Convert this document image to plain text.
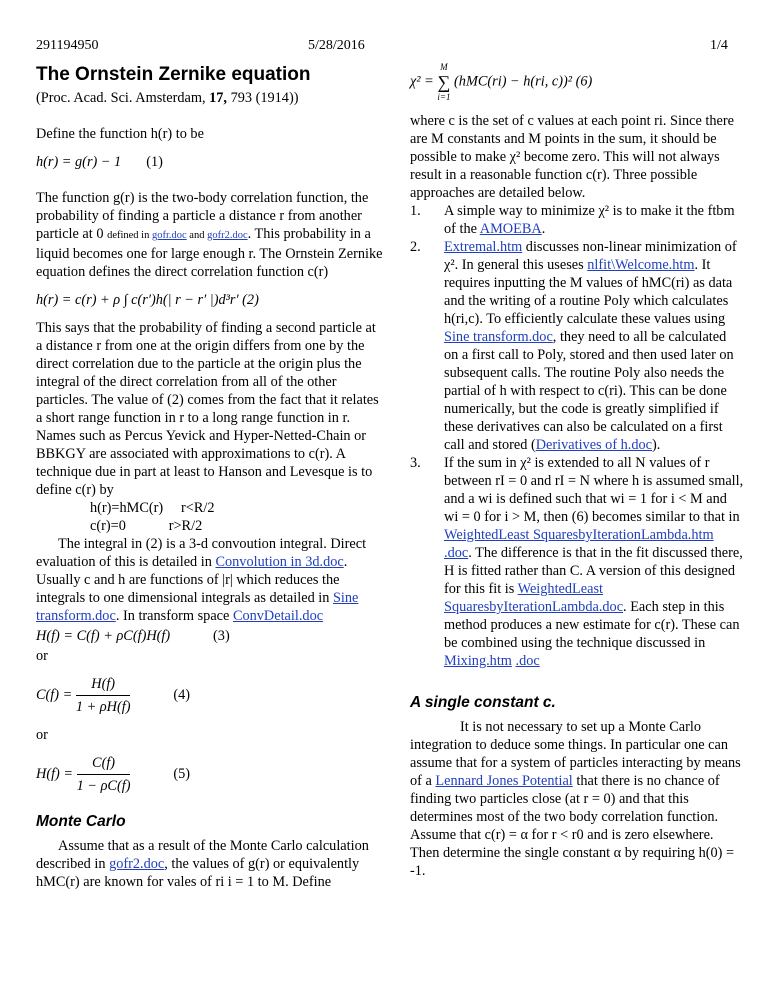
291194950	5/28/2016	1/4

The Ornstein Zernike equation

(Proc. Acad. Sci. Amsterdam, 17, 793 (1914))

Define the function h(r) to be

h(r) = g(r) − 1 (1)

The function g(r) is the two-body correlation function, the probability of finding a particle a distance r from another particle at 0 defined in gofr.doc and gofr2.doc. This probability in a liquid becomes one for large enough r. The Ornstein Zernike equation defines the direct correlation function c(r)

h(r) = c(r) + ρ ∫ c(r′)h(| r − r′ |)d³r′ (2)

This says that the probability of finding a second particle at a distance r from one at the origin differs from one by the direct correlation due to the particle at the origin plus the integral of the direct correlation from all of the other particles. The value of (2) comes from the fact that it relates a short range function in r to a long range function in r. Names such as Percus Yevick and Hyper-Netted-Chain or BBKGY are associated with approximations to c(r). A technique due in part at least to Hanson and Levesque is to define c(r) by

h(r)=hMC(r)     r<R/2

c(r)=0            r>R/2

The integral in (2) is a 3-d convoution integral. Direct evaluation of this is detailed in Convolution in 3d.doc. Usually c and h are functions of |r| which reduces the integrals to one dimensional integrals as detailed in Sine transform.doc. In transform space ConvDetail.doc

H(f) = C(f) + ρC(f)H(f)	(3)

or

$C(f) = \frac{H(f)}{1 + \rho H(f)}$	(4)

or

$H(f) = \frac{C(f)}{1 - \rho C(f)}$	(5)

Monte Carlo

Assume that as a result of the Monte Carlo calculation described in gofr2.doc, the values of g(r) or equivalently hMC(r) are known for vales of ri i = 1 to M. Define

χ² =
M
∑
i=1
(hMC(ri) − h(ri, c))² (6)

where c is the set of c values at each point ri. Since there are M constants and M points in the sum, it should be possible to make χ² become zero. This will not always result in a reasonable function c(r). Three possible approaches are detailed below.

1. A simple way to minimize χ² is to make it the ftbm of the AMOEBA.
2. Extremal.htm discusses non-linear minimization of χ². In general this useses nlfit\Welcome.htm. It requires inputting the M values of hMC(ri) as data and the writing of a routine Poly which calculates h(ri,c). To efficiently calculate these values using Sine transform.doc, they need to all be calculated on a first call to Poly, stored and then used later on subsequent calls. The routine Poly also needs the partial of h with respect to c(ri). This can be done numerically, but the code is greatly simplified if these derivatives can also be calculated on a first call and stored (Derivatives of h.doc).
3. If the sum in χ² is extended to all N values of r between rI = 0 and rI = N where h is assumed small, and a wi is defined such that wi = 1 for i < M and wi = 0 for i > M, then (6) becomes similar to that in WeightedLeast SquaresbyIterationLambda.htm .doc. The difference is that in the fit discussed there, H is fitted rather than C. A version of this designed for this fit is WeightedLeast SquaresbyIterationLambda.doc. Each step in this method produces a new estimate for c(r). These can be combined using the technique discussed in Mixing.htm .doc

A single constant c.

It is not necessary to set up a Monte Carlo integration to deduce some things. In particular one can assume that for a system of particles interacting by means of a Lennard Jones Potential that there is no chance of finding two particles close (at r = 0) and that this determines most of the two body correlation function. Assume that c(r) = α for r < r0 and is zero elsewhere. Then determine the single constant α by requiring h(0) = -1.
